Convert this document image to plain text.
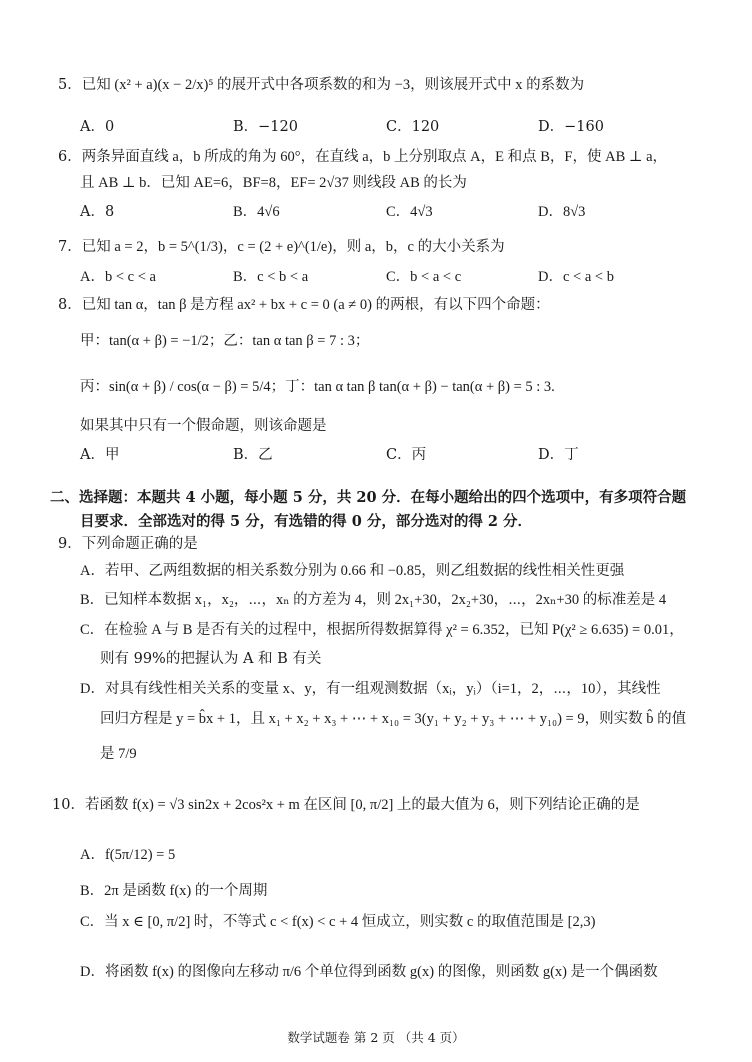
5．已知 (x² + a)(x − 2/x)⁵ 的展开式中各项系数的和为 −3，则该展开式中 x 的系数为
A．0	B．−120	C．120	D．−160
6．两条异面直线 a，b 所成的角为 60°，在直线 a，b 上分别取点 A，E 和点 B，F，使 AB ⊥ a，
且 AB ⊥ b．已知 AE=6，BF=8，EF= 2√37 则线段 AB 的长为
A．8	B．4√6	C．4√3	D．8√3
7．已知 a = 2，b = 5^(1/3)，c = (2 + e)^(1/e)，则 a，b，c 的大小关系为
A．b < c < a	B．c < b < a	C．b < a < c	D．c < a < b
8．已知 tan α，tan β 是方程 ax² + bx + c = 0 (a ≠ 0) 的两根，有以下四个命题：
甲：tan(α + β) = −1/2；乙：tan α tan β = 7 : 3；
丙：sin(α + β) / cos(α − β) = 5/4；丁：tan α tan β tan(α + β) − tan(α + β) = 5 : 3.
如果其中只有一个假命题，则该命题是
A．甲	B．乙	C．丙	D．丁
二、选择题：本题共 4 小题，每小题 5 分，共 20 分．在每小题给出的四个选项中，有多项符合题
目要求．全部选对的得 5 分，有选错的得 0 分，部分选对的得 2 分．
9．下列命题正确的是
A．若甲、乙两组数据的相关系数分别为 0.66 和 −0.85，则乙组数据的线性相关性更强
B．已知样本数据 x₁，x₂，⋯，xₙ 的方差为 4，则 2x₁+30，2x₂+30，⋯，2xₙ+30 的标准差是 4
C．在检验 A 与 B 是否有关的过程中，根据所得数据算得 χ² = 6.352，已知 P(χ² ≥ 6.635) = 0.01，
则有 99%的把握认为 A 和 B 有关
D．对具有线性相关关系的变量 x、y，有一组观测数据（xᵢ，yᵢ）（i=1，2，⋯，10），其线性
回归方程是 y = b̂x + 1，且 x₁ + x₂ + x₃ + ⋯ + x₁₀ = 3(y₁ + y₂ + y₃ + ⋯ + y₁₀) = 9，则实数 b̂ 的值
是 7/9
10．若函数 f(x) = √3 sin2x + 2cos²x + m 在区间 [0, π/2] 上的最大值为 6，则下列结论正确的是
A．f(5π/12) = 5
B．2π 是函数 f(x) 的一个周期
C．当 x ∈ [0, π/2] 时，不等式 c < f(x) < c + 4 恒成立，则实数 c 的取值范围是 [2,3)
D．将函数 f(x) 的图像向左移动 π/6 个单位得到函数 g(x) 的图像，则函数 g(x) 是一个偶函数
数学试题卷 第 2 页 （共 4 页）
